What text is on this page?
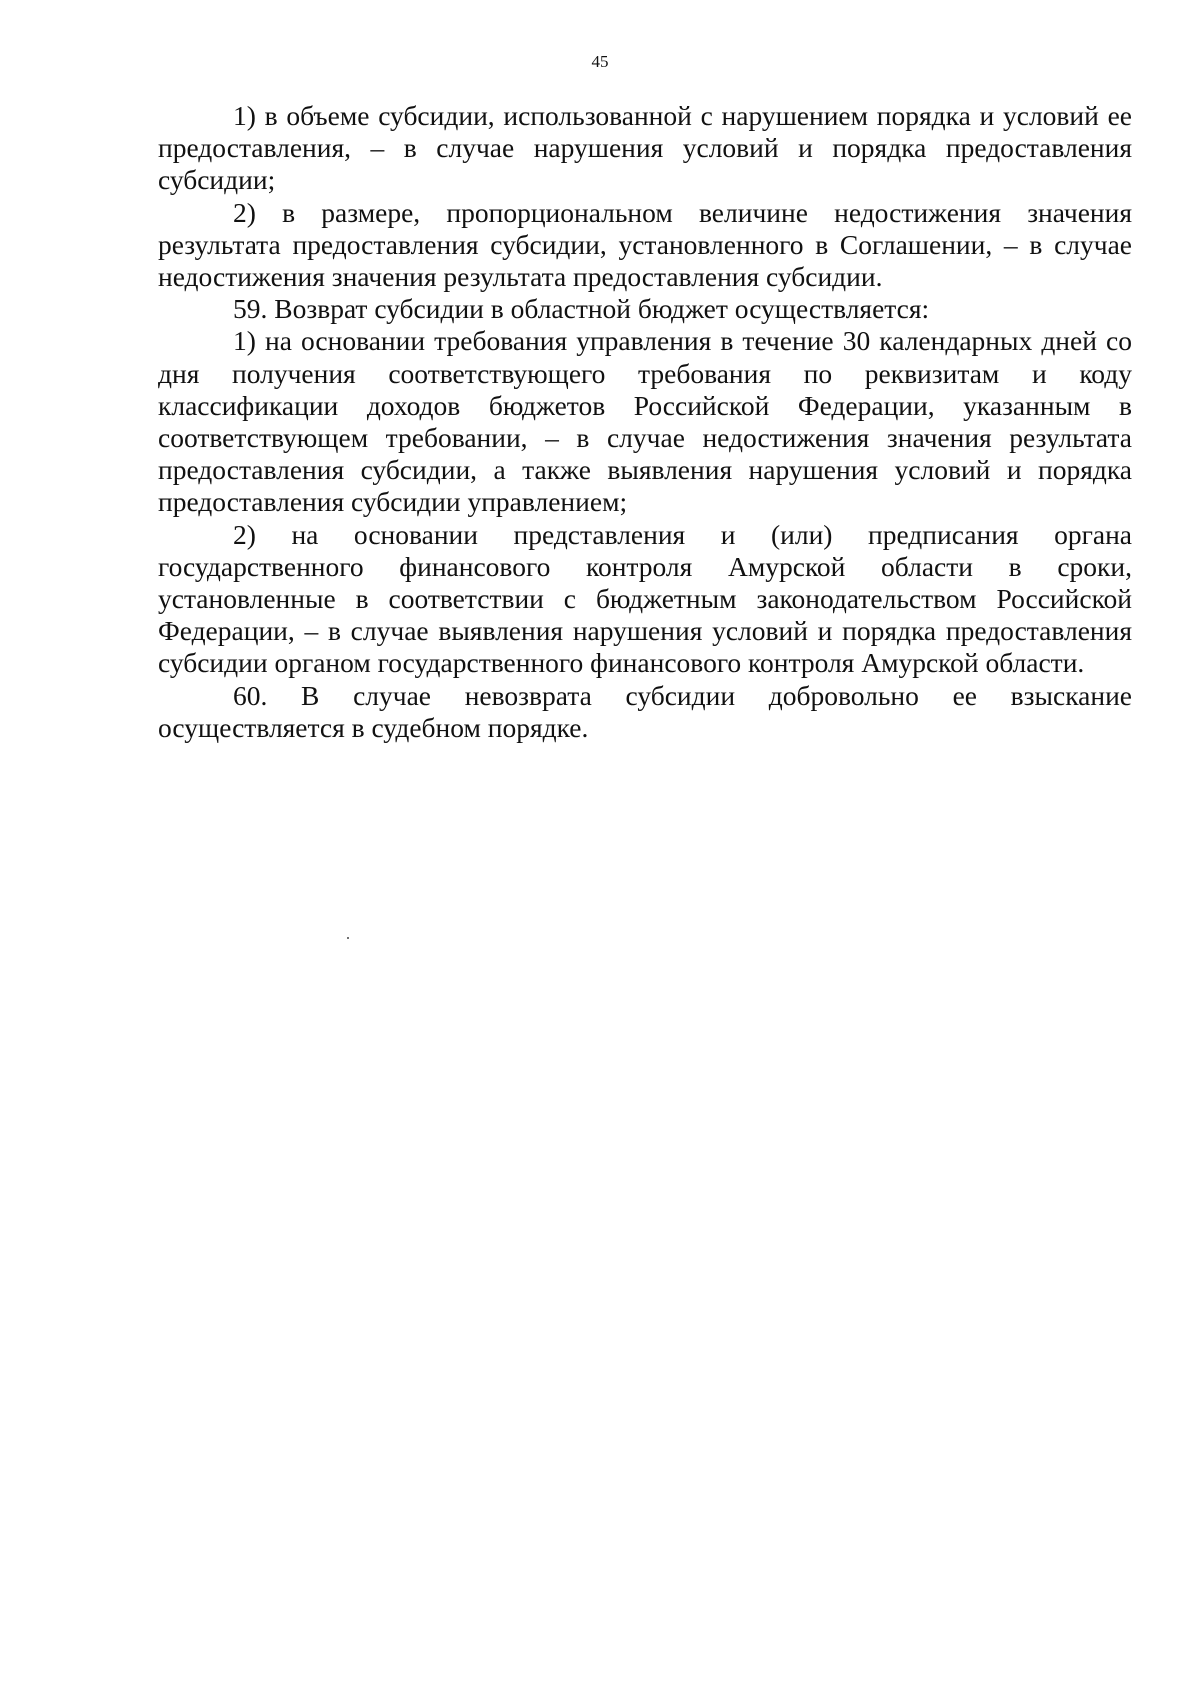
45

1) в объеме субсидии, использованной с нарушением порядка и условий ее предоставления, – в случае нарушения условий и порядка предоставления субсидии;

2) в размере, пропорциональном величине недостижения значения результата предоставления субсидии, установленного в Соглашении, – в случае недостижения значения результата предоставления субсидии.

59. Возврат субсидии в областной бюджет осуществляется:

1) на основании требования управления в течение 30 календарных дней со дня получения соответствующего требования по реквизитам и коду классификации доходов бюджетов Российской Федерации, указанным в соответствующем требовании, – в случае недостижения значения результата предоставления субсидии, а также выявления нарушения условий и порядка предоставления субсидии управлением;

2) на основании представления и (или) предписания органа государственного финансового контроля Амурской области в сроки, установленные в соответствии с бюджетным законодательством Российской Федерации, – в случае выявления нарушения условий и порядка предоставления субсидии органом государственного финансового контроля Амурской области.

60. В случае невозврата субсидии добровольно ее взыскание осуществляется в судебном порядке.
